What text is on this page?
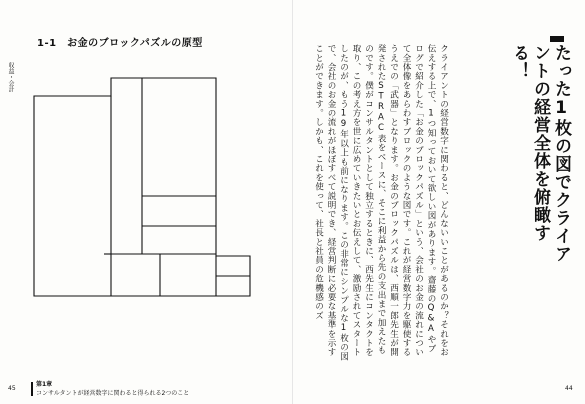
1-1　お金のブロックパズルの原型
収益・会計	たった1枚の図でクライアントの経営全体を俯瞰する！
クライアントの経営数字に関わると、どんないいことがあるのか？それをお伝えする上で、1つ知っておいて欲しい図があります。齋藤のQ&Aやブログで紹介した「お金のブロックパズル」という、会社のお金の流れについて全体像をあらわすブロックのような図です。これが経営数字力を駆使するうえでの「武器」となります。お金のブロックパズルは、西順一郎先生が開発されたSTRAC表をベースに、そこに利益から先の支出まで加えたものです。僕がコンサルタントとして独立するときに、西先生にコンタクトを取り、この考え方を世に広めていきたいとお伝えして、激励されてスタートしたのが、もう19年以上も前になります。この非常にシンプルな1枚の図で、会社のお金の流れがほぼすべて説明でき、経営判断に必要な基準を示すことができます。しかも、これを使って、社長と社員の危機感のズ
45
第1章
コンサルタントが経営数字に関わると得られる2つのこと
44
